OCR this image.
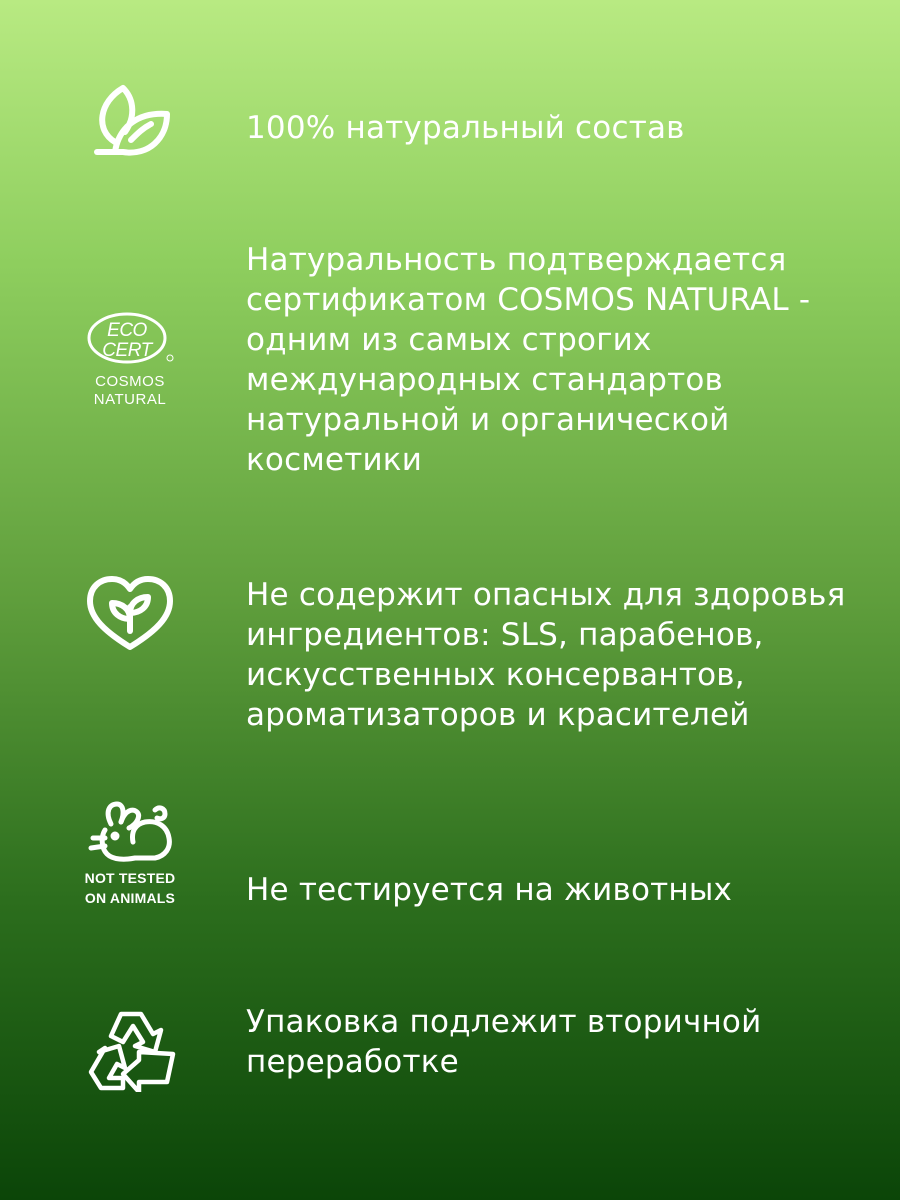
100% натуральный состав
ECO
CERT
COSMOS
NATURAL
Натуральность подтверждается сертификатом COSMOS NATURAL - одним из самых строгих международных стандартов натуральной и органической косметики
Не содержит опасных для здоровья ингредиентов: SLS, парабенов, искусственных консервантов, ароматизаторов и красителей
NOT TESTED
ON ANIMALS Не тестируется на животных
Упаковка подлежит вторичной переработке
